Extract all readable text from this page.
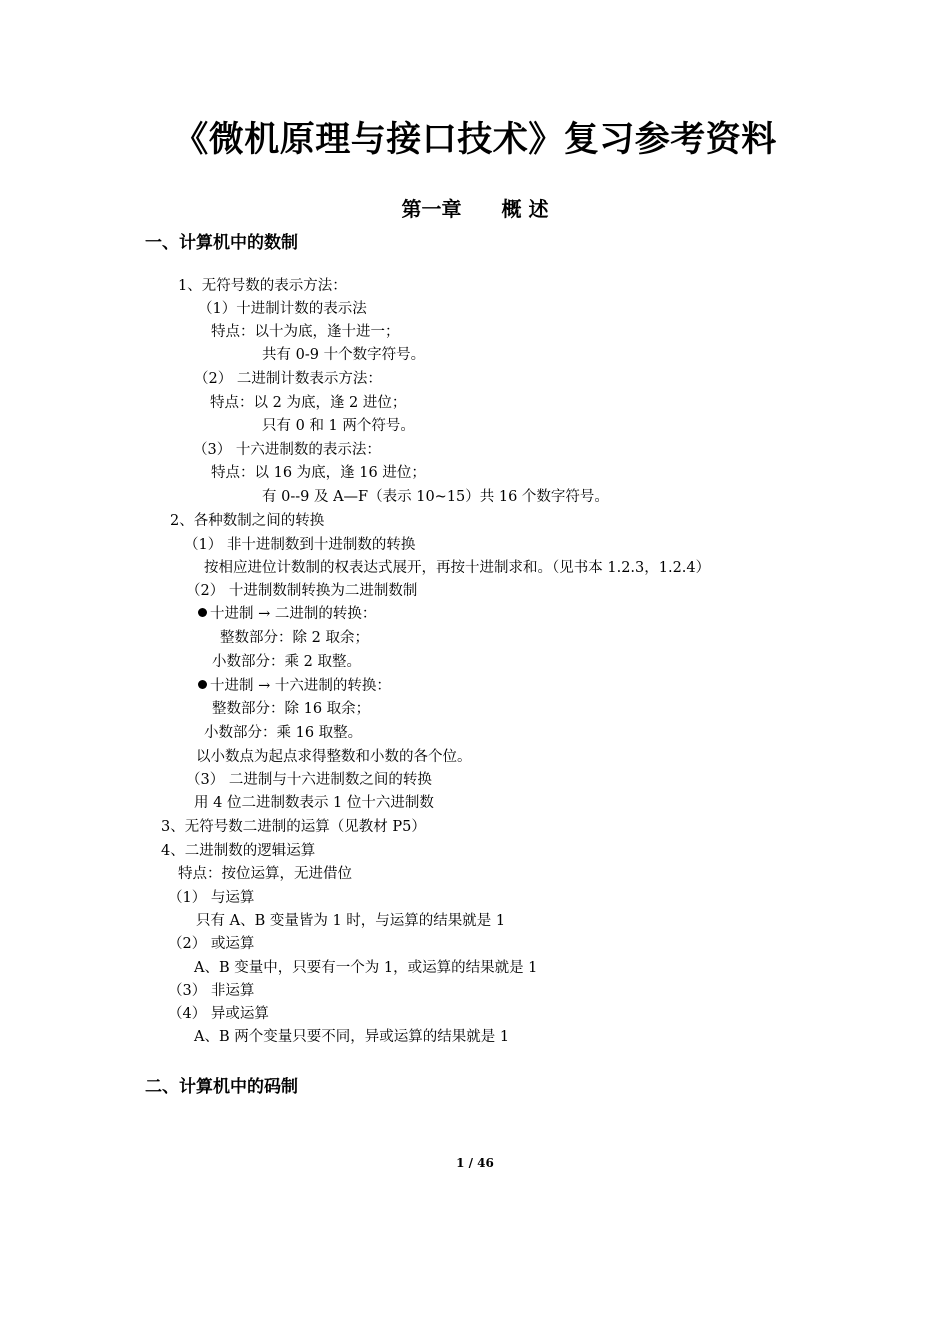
《微机原理与接口技术》复习参考资料
第一章　　概 述
一、计算机中的数制
1、无符号数的表示方法：
（1）十进制计数的表示法
特点：以十为底，逢十进一；
共有 0-9 十个数字符号。
（2） 二进制计数表示方法：
特点：以 2 为底，逢 2 进位；
只有 0 和 1 两个符号。
（3） 十六进制数的表示法：
特点：以 16 为底，逢 16 进位；
有 0--9 及 A—F（表示 10~15）共 16 个数字符号。
2、各种数制之间的转换
（1） 非十进制数到十进制数的转换
按相应进位计数制的权表达式展开，再按十进制求和。（见书本 1.2.3，1.2.4）
（2） 十进制数制转换为二进制数制
十进制 → 二进制的转换：
整数部分：除 2 取余；
小数部分：乘 2 取整。
十进制 → 十六进制的转换：
整数部分：除 16 取余；
小数部分：乘 16 取整。
以小数点为起点求得整数和小数的各个位。
（3） 二进制与十六进制数之间的转换
用 4 位二进制数表示 1 位十六进制数
3、无符号数二进制的运算（见教材 P5）
4、二进制数的逻辑运算
特点：按位运算，无进借位
（1） 与运算
只有 A、B 变量皆为 1 时，与运算的结果就是 1
（2） 或运算
A、B 变量中，只要有一个为 1，或运算的结果就是 1
（3） 非运算
（4） 异或运算
A、B 两个变量只要不同，异或运算的结果就是 1
二、计算机中的码制
1 / 46
